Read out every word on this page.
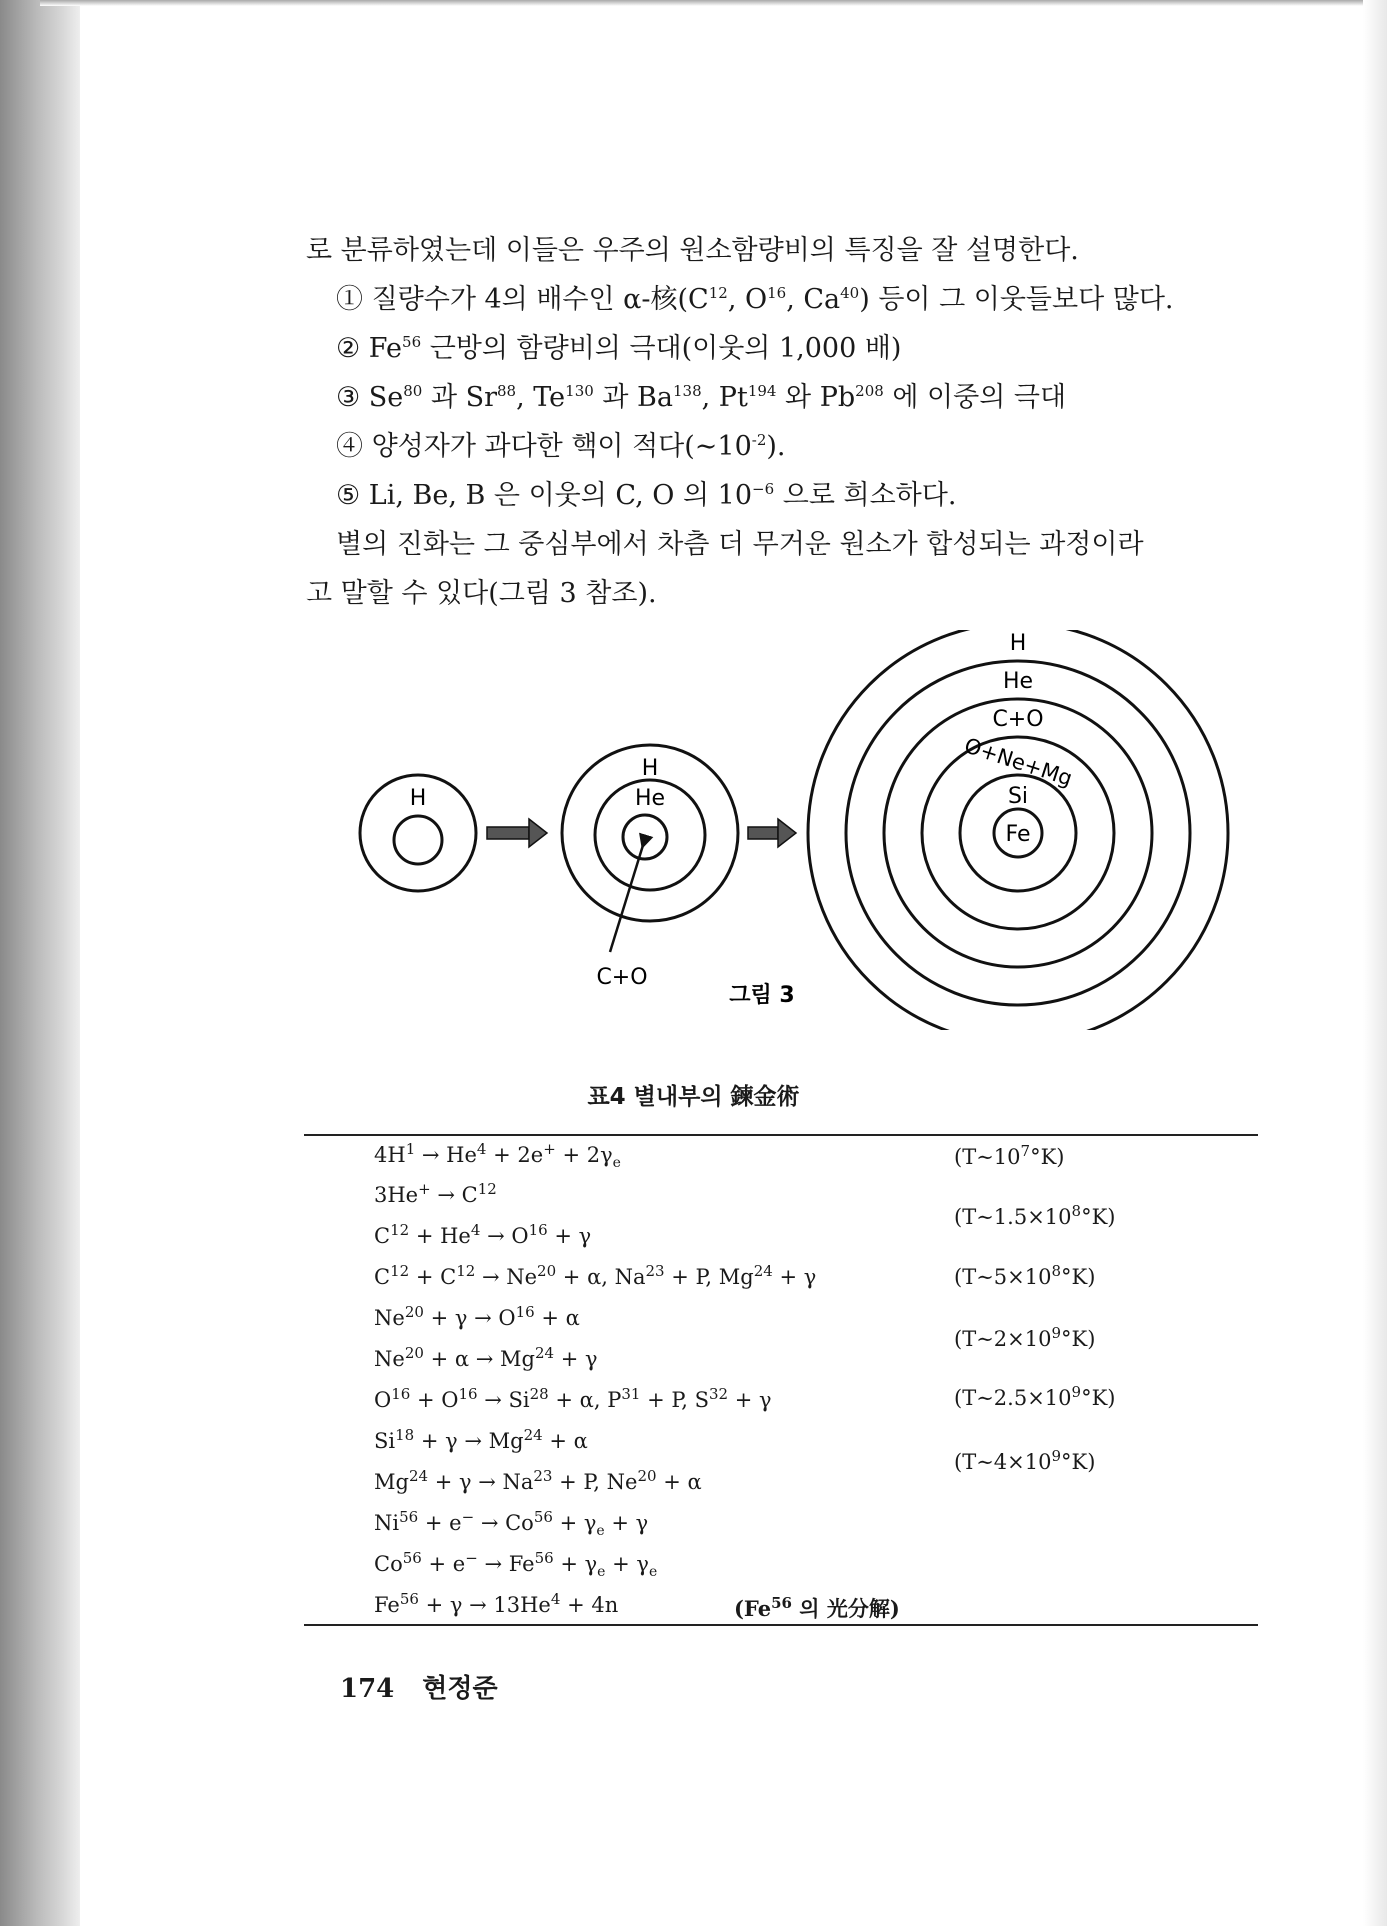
로 분류하였는데 이들은 우주의 원소함량비의 특징을 잘 설명한다.
① 질량수가 4의 배수인 α-核($C^{12}$, $O^{16}$, Ca$^{40}$) 등이 그 이웃들보다 많다.
② Fe$^{56}$ 근방의 함량비의 극대(이웃의 1,000 배)
③ Se$^{80}$ 과 Sr$^{88}$, Te$^{130}$ 과 Ba$^{138}$, Pt$^{194}$ 와 Pb$^{208}$ 에 이중의 극대
④ 양성자가 과다한 핵이 적다$(\sim 10^{-2})$.
⑤ Li, Be, B 은 이웃의 C, O 의 $10^{-6}$ 으로 희소하다.
별의 진화는 그 중심부에서 차츰 더 무거운 원소가 합성되는 과정이라
고 말할 수 있다(그림 3 참조).
H
H
He
C+O
H
He
C+O
O+Ne+Mg
Si
Fe
그림 3
표4 별내부의 鍊金術
$4H^1 \to He^4 + 2e^+ + 2\gamma_e$
$3He^+ \to C^{12}$
$C^{12} + He^4 \to O^{16} + \gamma$
$C^{12} + C^{12} \to Ne^{20} + \alpha$, $Na^{23} + P$, $Mg^{24} + \gamma$
$Ne^{20} + \gamma \to O^{16} + \alpha$
$Ne^{20} + \alpha \to Mg^{24} + \gamma$
$O^{16} + O^{16} \to Si^{28} + \alpha$, $P^{31} + P$, $S^{32} + \gamma$
$Si^{18} + \gamma \to Mg^{24} + \alpha$
$Mg^{24} + \gamma \to Na^{23} + P$, $Ne^{20} + \alpha$
$Ni^{56} + e^- \to Co^{56} + \gamma_e + \gamma$
$Co^{56} + e^- \to Fe^{56} + \gamma_e + \gamma_e$
$Fe^{56} + \gamma \to 13He^4 + 4n$	(Fe$^{56}$ 의 光分解)
$(T\sim 10^7^\circ K)$
$(T\sim 1.5\times 10^8^\circ K)$
$(T\sim 5\times 10^8^\circ K)$
$(T\sim 2\times 10^9^\circ K)$
$(T\sim 2.5\times 10^9^\circ K)$
$(T\sim 4\times 10^9^\circ K)$
174 현정준
